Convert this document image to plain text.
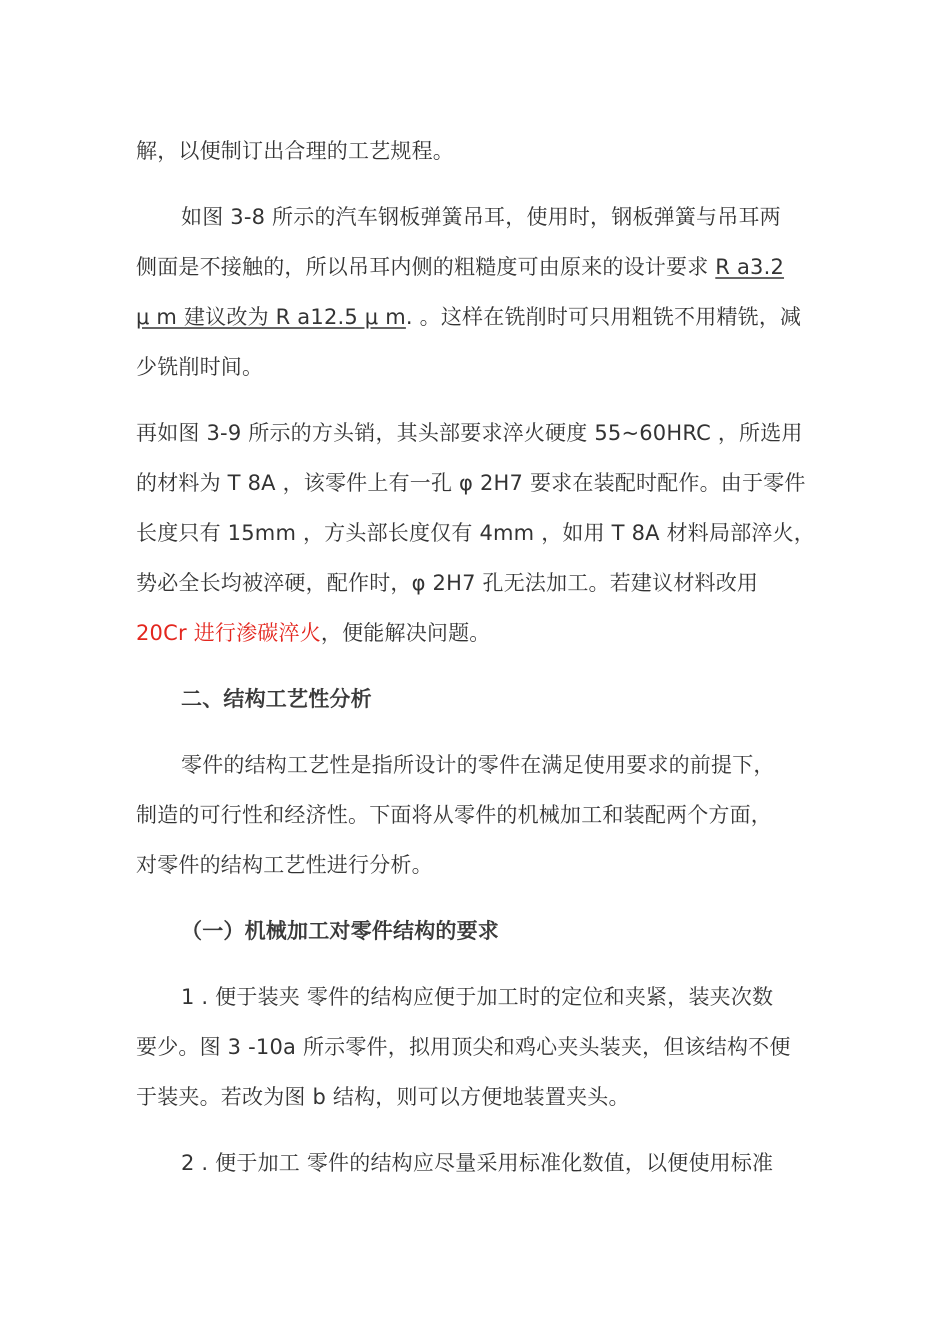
解，以便制订出合理的工艺规程。
如图 3-8 所示的汽车钢板弹簧吊耳，使用时，钢板弹簧与吊耳两
侧面是不接触的，所以吊耳内侧的粗糙度可由原来的设计要求 R a3.2
μ m 建议改为 R a12.5 μ m. 。这样在铣削时可只用粗铣不用精铣，减
少铣削时间。
再如图 3-9 所示的方头销，其头部要求淬火硬度 55~60HRC ，所选用
的材料为 T 8A ，该零件上有一孔 φ 2H7 要求在装配时配作。由于零件
长度只有 15mm ，方头部长度仅有 4mm ，如用 T 8A 材料局部淬火，
势必全长均被淬硬，配作时，φ 2H7 孔无法加工。若建议材料改用
20Cr 进行渗碳淬火，便能解决问题。
二、结构工艺性分析
零件的结构工艺性是指所设计的零件在满足使用要求的前提下，
制造的可行性和经济性。下面将从零件的机械加工和装配两个方面，
对零件的结构工艺性进行分析。
（一）机械加工对零件结构的要求
1 . 便于装夹 零件的结构应便于加工时的定位和夹紧，装夹次数
要少。图 3 -10a 所示零件，拟用顶尖和鸡心夹头装夹，但该结构不便
于装夹。若改为图 b 结构，则可以方便地装置夹头。
2 . 便于加工 零件的结构应尽量采用标准化数值，以便使用标准
